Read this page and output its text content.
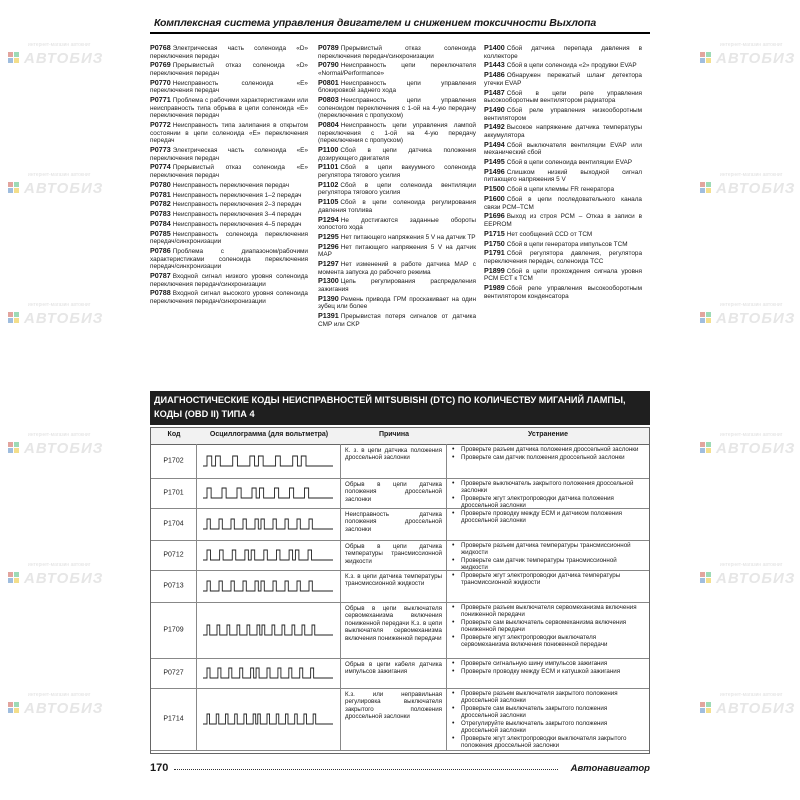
интернет-магазин автокниг
АВТОБИЗ
интернет-магазин автокниг
АВТОБИЗ
интернет-магазин автокниг
АВТОБИЗ
интернет-магазин автокниг
АВТОБИЗ
интернет-магазин автокниг
АВТОБИЗ
интернет-магазин автокниг
АВТОБИЗ
интернет-магазин автокниг
АВТОБИЗ
интернет-магазин автокниг
АВТОБИЗ
интернет-магазин автокниг
АВТОБИЗ
интернет-магазин автокниг
АВТОБИЗ
интернет-магазин автокниг
АВТОБИЗ
интернет-магазин автокниг
АВТОБИЗ
Комплексная система управления двигателем и снижением токсичности Выхлопа
P0768 Электрическая часть соленоида «D» переключения передач
P0769 Прерывистый отказ соленоида «D» переключения передач
P0770 Неисправность соленоида «E» переключения передач
P0771 Проблема с рабочими характеристиками или неисправность типа обрыва в цепи соленоида «E» переключения передач
P0772 Неисправность типа залипания в открытом состоянии в цепи соленоида «E» переключения передач
P0773 Электрическая часть соленоида «E» переключения передач
P0774 Прерывистый отказ соленоида «E» переключения передач
P0780 Неисправность переключения передач
P0781 Неисправность переключения 1–2 передач
P0782 Неисправность переключения 2–3 передач
P0783 Неисправность переключения 3–4 передач
P0784 Неисправность переключения 4–5 передач
P0785 Неисправность соленоида переключения передач/синхронизации
P0786 Проблема с диапазоном/рабочими характеристиками соленоида переключения передач/синхронизации
P0787 Входной сигнал низкого уровня соленоида переключения передач/синхронизации
P0788 Входной сигнал высокого уровня соленоида переключения передач/синхронизации
P0789 Прерывистый отказ соленоида переключения передач/синхронизации
P0790 Неисправность цепи переключателя «Normal/Performance»
P0801 Неисправность цепи управления блокировкой заднего хода
P0803 Неисправность цепи управления соленоидом переключения с 1-ой на 4-ую передачу (переключения с пропуском)
P0804 Неисправность цепи управления лампой переключения с 1-ой на 4-ую передачу (переключения с пропуском)
P1100 Сбой в цепи датчика положения дозирующего двигателя
P1101 Сбой в цепи вакуумного соленоида регулятора тягового усилия
P1102 Сбой в цепи соленоида вентиляции регулятора тягового усилия
P1105 Сбой в цепи соленоида регулирования давления топлива
P1294 Не достигаются заданные обороты холостого хода
P1295 Нет питающего напряжения 5 V на датчик TP
P1296 Нет питающего напряжения 5 V на датчик MAP
P1297 Нет изменений в работе датчика MAP с момента запуска до рабочего режима
P1300 Цепь регулирования распределения зажигания
P1390 Ремень привода ГРМ проскакивает на один зубец или более
P1391 Прерывистая потеря сигналов от датчика CMP или CKP
P1400 Сбой датчика перепада давления в коллекторе
P1443 Сбой в цепи соленоида «2» продувки EVAP
P1486 Обнаружен пережатый шланг детектора утечки EVAP
P1487 Сбой в цепи реле управления высокооборотным вентилятором радиатора
P1490 Сбой реле управления низкооборотным вентилятором
P1492 Высокое напряжение датчика температуры аккумулятора
P1494 Сбой выключателя вентиляции EVAP или механический сбой
P1495 Сбой в цепи соленоида вентиляции EVAP
P1496 Слишком низкий выходной сигнал питающего напряжения 5 V
P1500 Сбой в цепи клеммы FR генератора
P1600 Сбой в цепи последовательного канала связи PCM–TCM
P1696 Выход из строя PCM – Отказ в записи в EEPROM
P1715 Нет сообщений CCD от TCM
P1750 Сбой в цепи генератора импульсов TCM
P1791 Сбой регулятора давления, регулятора переключения передач, соленоида TCC
P1899 Сбой в цепи прохождения сигнала уровня PCM ECT к TCM
P1989 Сбой реле управления высокооборотным вентилятором конденсатора
ДИАГНОСТИЧЕСКИЕ КОДЫ НЕИСПРАВНОСТЕЙ MITSUBISHI (DTC) ПО КОЛИЧЕСТВУ МИГАНИЙ ЛАМПЫ, КОДЫ (OBD II) ТИПА 4
Код	Осциллограмма (для вольтметра)	Причина	Устранение
P1702
К. з. в цепи датчика положения дроссельной заслонки
• Проверьте разъем датчика положения дроссельной заслонки
• Проверьте сам датчик положения дроссельной заслонки
P1701
Обрыв в цепи датчика положения дроссельной заслонки
• Проверьте выключатель закрытого положения дроссельной заслонки
• Проверьте жгут электропроводки датчика положения дроссельной заслонки
P1704
Неисправность датчика положения дроссельной заслонки
• Проверьте проводку между ECM и датчиком положения дроссельной заслонки
P0712
Обрыв в цепи датчика температуры трансмиссионной жидкости
• Проверьте разъем датчика температуры трансмиссионной жидкости
• Проверьте сам датчик температуры трансмиссионной жидкости
P0713
К.з. в цепи датчика температуры трансмиссионной жидкости
• Проверьте жгут электропроводки датчика температуры трансмиссионной жидкости
P1709
Обрыв в цепи выключателя сервомеханизма включения пониженной передачи К.з. в цепи выключателя сервомеханизма включения пониженной передачи
• Проверьте разъем выключателя сервомеханизма включения пониженной передачи
• Проверьте сам выключатель сервомеханизма включения пониженной передачи
• Проверьте жгут электропроводки выключателя сервомеханизма включения пониженной передачи
P0727
Обрыв в цепи кабеля датчика импульсов зажигания
• Проверьте сигнальную шину импульсов зажигания
• Проверьте проводку между ECM и катушкой зажигания
P1714
К.з. или неправильная регулировка выключателя закрытого положения дроссельной заслонки
• Проверьте разъем выключателя закрытого положения дроссельной заслонки
• Проверьте сам выключатель закрытого положения дроссельной заслонки
• Отрегулируйте выключатель закрытого положения дроссельной заслонки
• Проверьте жгут электропроводки выключателя закрытого положения дроссельной заслонки
170	Автонавигатор
